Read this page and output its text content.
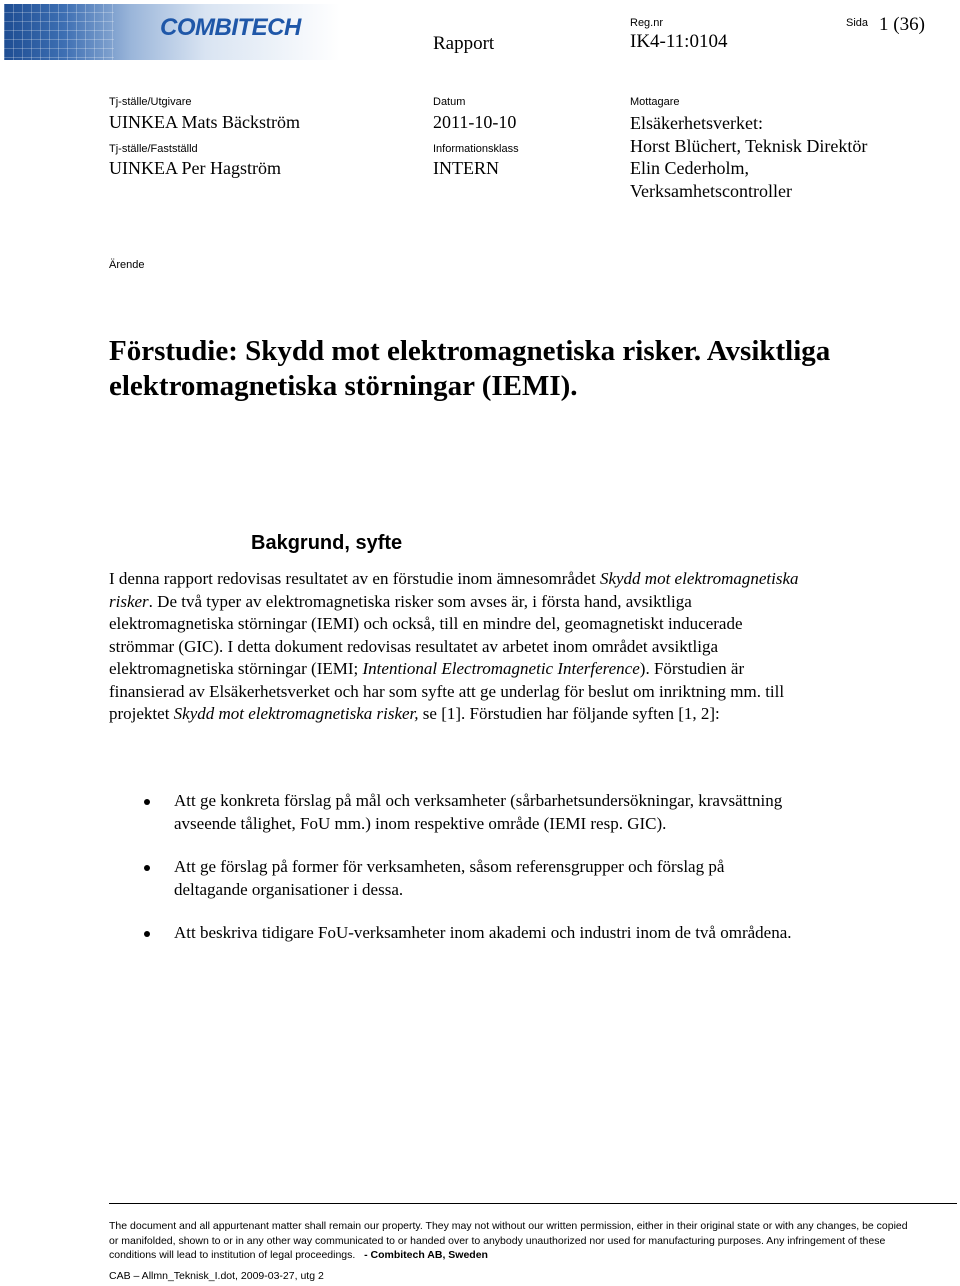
COMBITECH
Rapport
Reg.nr
IK4-11:0104
Sida 1 (36)
Tj-ställe/Utgivare
UINKEA Mats Bäckström
Tj-ställe/Fastställd
UINKEA Per Hagström
Datum
2011-10-10
Informationsklass
INTERN
Mottagare
Elsäkerhetsverket:
Horst Blüchert, Teknisk Direktör
Elin Cederholm,
Verksamhetscontroller
Ärende
Förstudie: Skydd mot elektromagnetiska risker. Avsiktliga
elektromagnetiska störningar (IEMI).
Bakgrund, syfte
I denna rapport redovisas resultatet av en förstudie inom ämnesområdet Skydd mot elektromagnetiska risker. De två typer av elektromagnetiska risker som avses är, i första hand, avsiktliga elektromagnetiska störningar (IEMI) och också, till en mindre del, geomagnetiskt inducerade strömmar (GIC). I detta dokument redovisas resultatet av arbetet inom området avsiktliga elektromagnetiska störningar (IEMI; Intentional Electromagnetic Interference). Förstudien är finansierad av Elsäkerhetsverket och har som syfte att ge underlag för beslut om inriktning mm. till projektet Skydd mot elektromagnetiska risker, se [1]. Förstudien har följande syften [1, 2]:
Att ge konkreta förslag på mål och verksamheter (sårbarhetsundersökningar, kravsättning avseende tålighet, FoU mm.) inom respektive område (IEMI resp. GIC).
Att ge förslag på former för verksamheten, såsom referensgrupper och förslag på deltagande organisationer i dessa.
Att beskriva tidigare FoU-verksamheter inom akademi och industri inom de två områdena.
The document and all appurtenant matter shall remain our property. They may not without our written permission, either in their original state or with any changes, be copied or manifolded, shown to or in any other way communicated to or handed over to anybody unauthorized nor used for manufacturing purposes. Any infringement of these conditions will lead to institution of legal proceedings. - Combitech AB, Sweden
CAB – Allmn_Teknisk_I.dot, 2009-03-27, utg 2
